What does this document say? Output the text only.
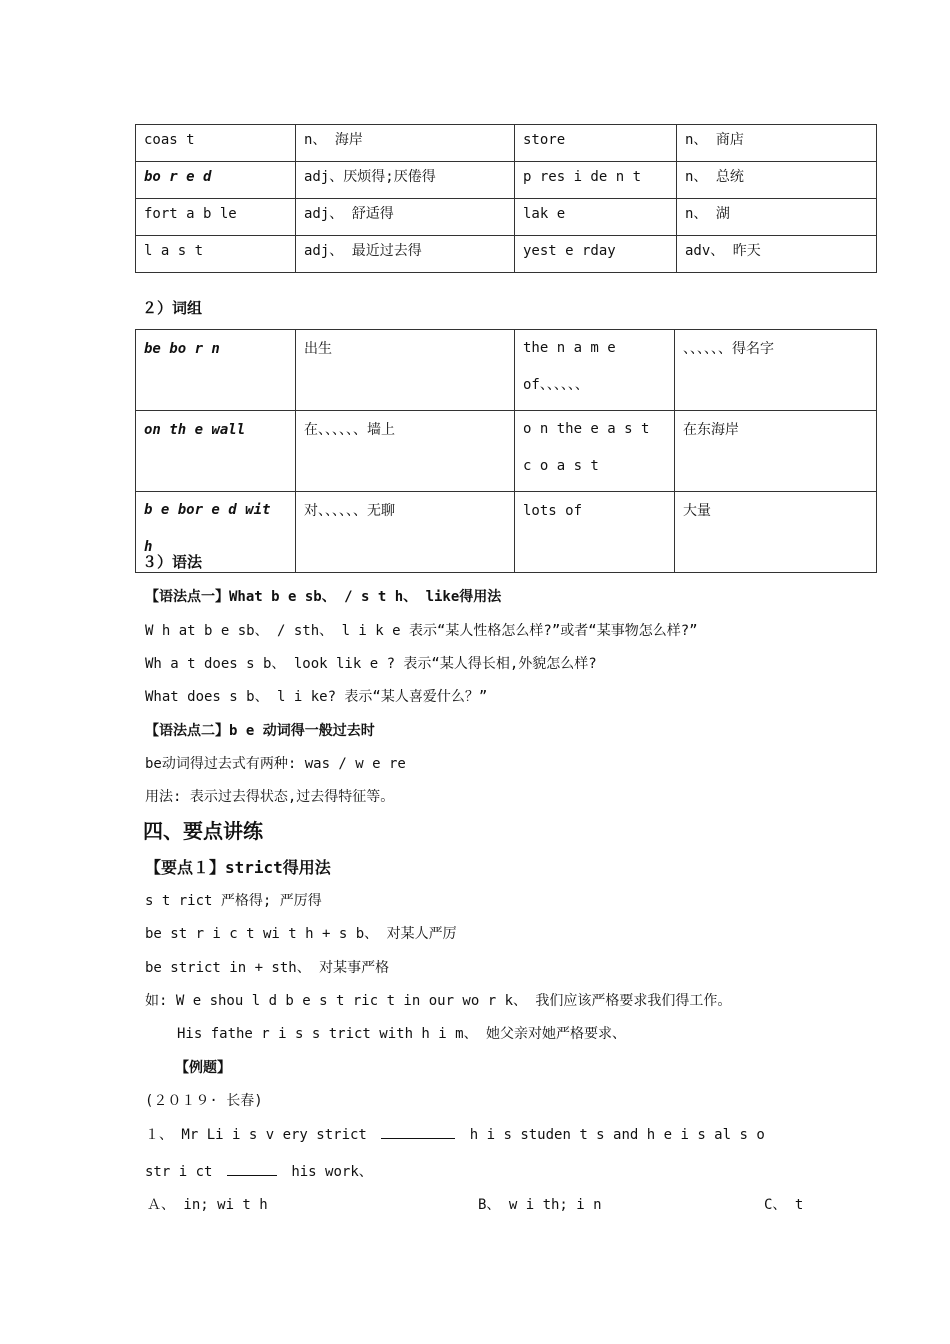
coas t	n、 海岸	store	n、 商店
bo r e d	adj、厌烦得;厌倦得	p res i de n t	n、 总统
fort a b le	adj、 舒适得	lak e	n、 湖
l a s t	adj、 最近过去得	yest e rday	adv、 昨天
２）词组
be bo r n	出生	the n a m e of、、、、、、	、、、、、、得名字
on th e wall	在、、、、、、墙上	o n the e a s t c o a s t	在东海岸
b e bor e d wit h	对、、、、、、无聊	lots of	大量
３）语法
【语法点一】What b e sb、 / s t h、 like得用法
W h at b e sb、 / sth、 l i k e 表示“某人性格怎么样?”或者“某事物怎么样?”
Wh a t does s b、 look lik e ? 表示“某人得长相,外貌怎么样?
What does s b、 l i ke? 表示“某人喜爱什么？”
【语法点二】b e 动词得一般过去时
be动词得过去式有两种: was / w e re
用法: 表示过去得状态,过去得特征等。
四、要点讲练
【要点１】strict得用法
s t rict 严格得; 严厉得
be st r i c t wi t h + s b、 对某人严厉
be strict in + sth、 对某事严格
如: W e shou l d b e s t ric t in our wo r k、 我们应该严格要求我们得工作。
His fathe r i s s trict with h i m、 她父亲对她严格要求、
【例题】
(２０１９· 长春)
１、 Mr Li i s v ery strict	h i s studen t s and h e i s al s o
str i ct	his work、
Ａ、 in; wi t h	B、 w i th; i n	C、 t
